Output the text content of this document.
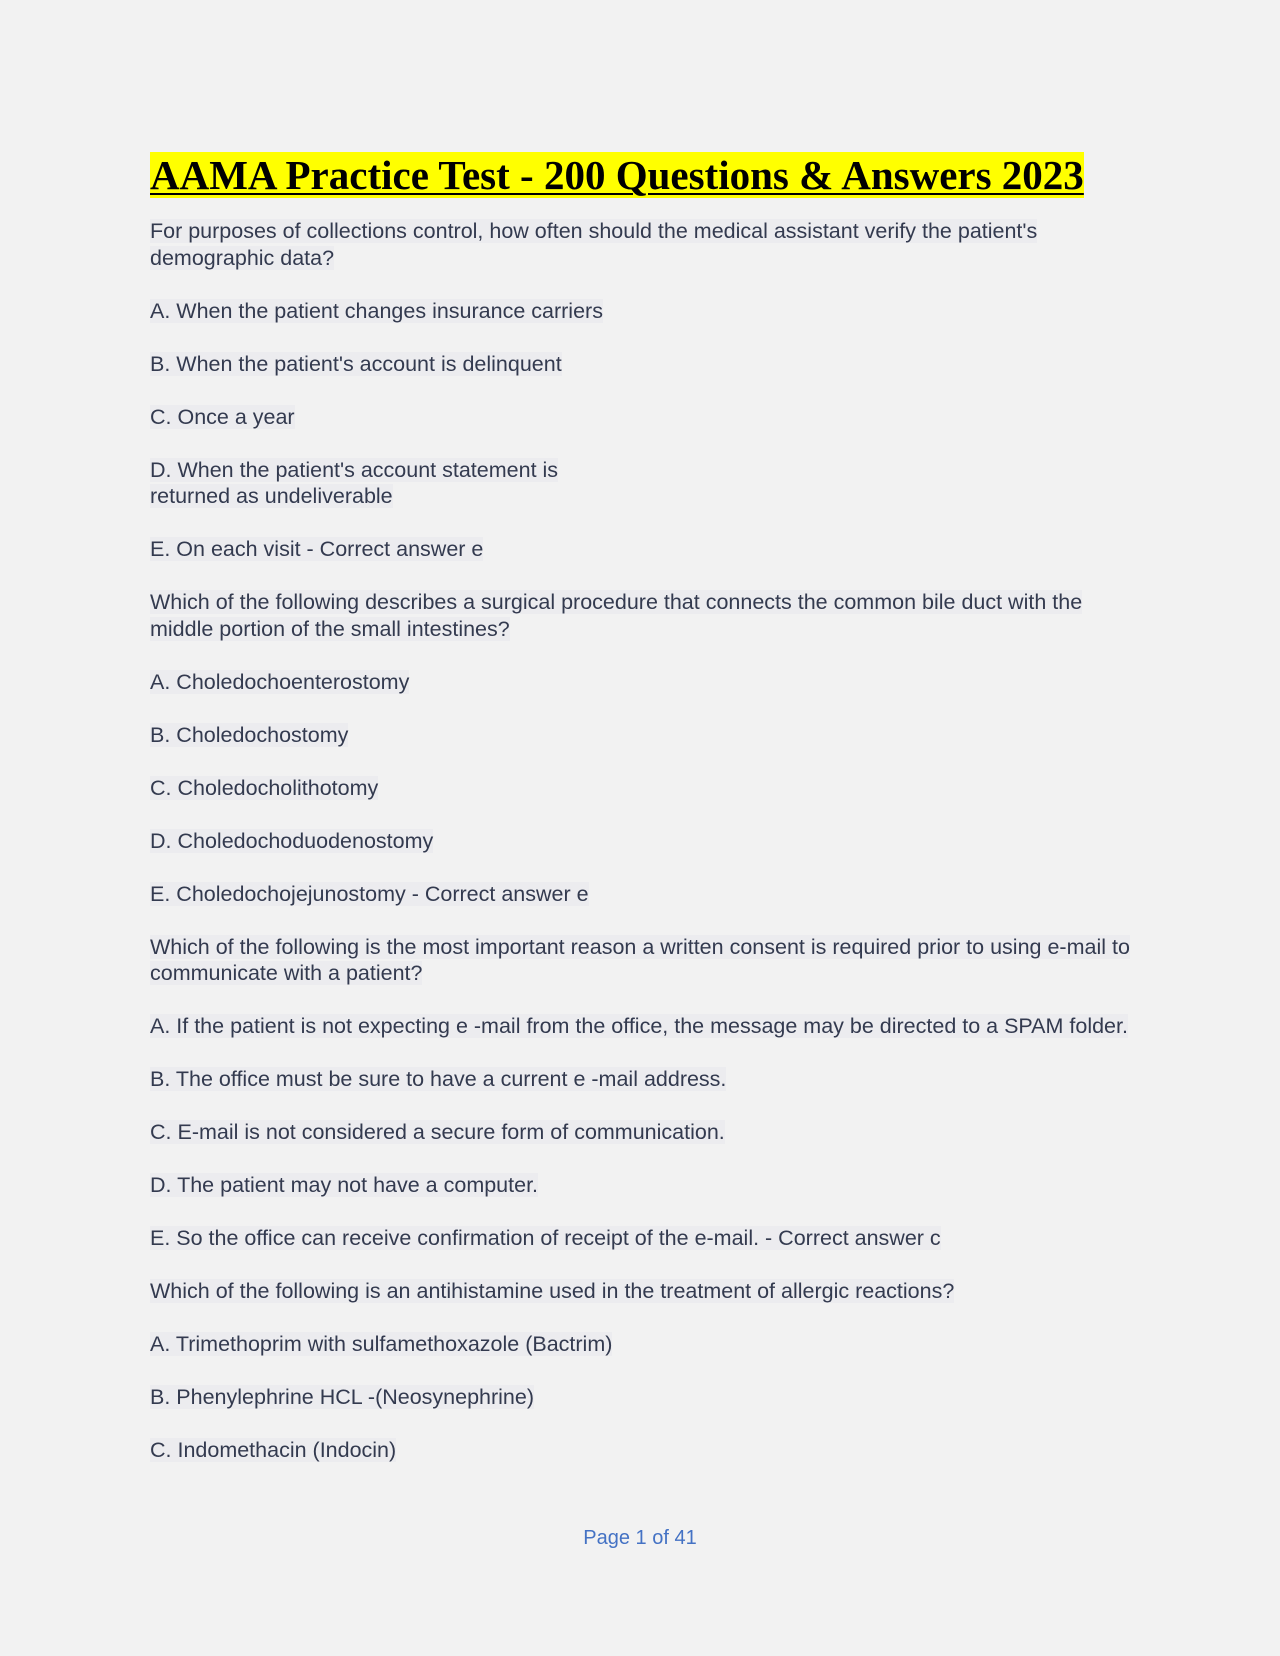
AAMA Practice Test - 200 Questions & Answers 2023

For purposes of collections control, how often should the medical assistant verify the patient's demographic data?

A. When the patient changes insurance carriers

B. When the patient's account is delinquent

C. Once a year

D. When the patient's account statement is
returned as undeliverable

E. On each visit - Correct answer e

Which of the following describes a surgical procedure that connects the common bile duct with the middle portion of the small intestines?

A. Choledochoenterostomy

B. Choledochostomy

C. Choledocholithotomy

D. Choledochoduodenostomy

E. Choledochojejunostomy - Correct answer e

Which of the following is the most important reason a written consent is required prior to using e-mail to communicate with a patient?

A. If the patient is not expecting e -mail from the office, the message may be directed to a SPAM folder.

B. The office must be sure to have a current e -mail address.

C. E-mail is not considered a secure form of communication.

D. The patient may not have a computer.

E. So the office can receive confirmation of receipt of the e-mail. - Correct answer c

Which of the following is an antihistamine used in the treatment of allergic reactions?

A. Trimethoprim with sulfamethoxazole (Bactrim)

B. Phenylephrine HCL -(Neosynephrine)

C. Indomethacin (Indocin)

Page 1 of 41
